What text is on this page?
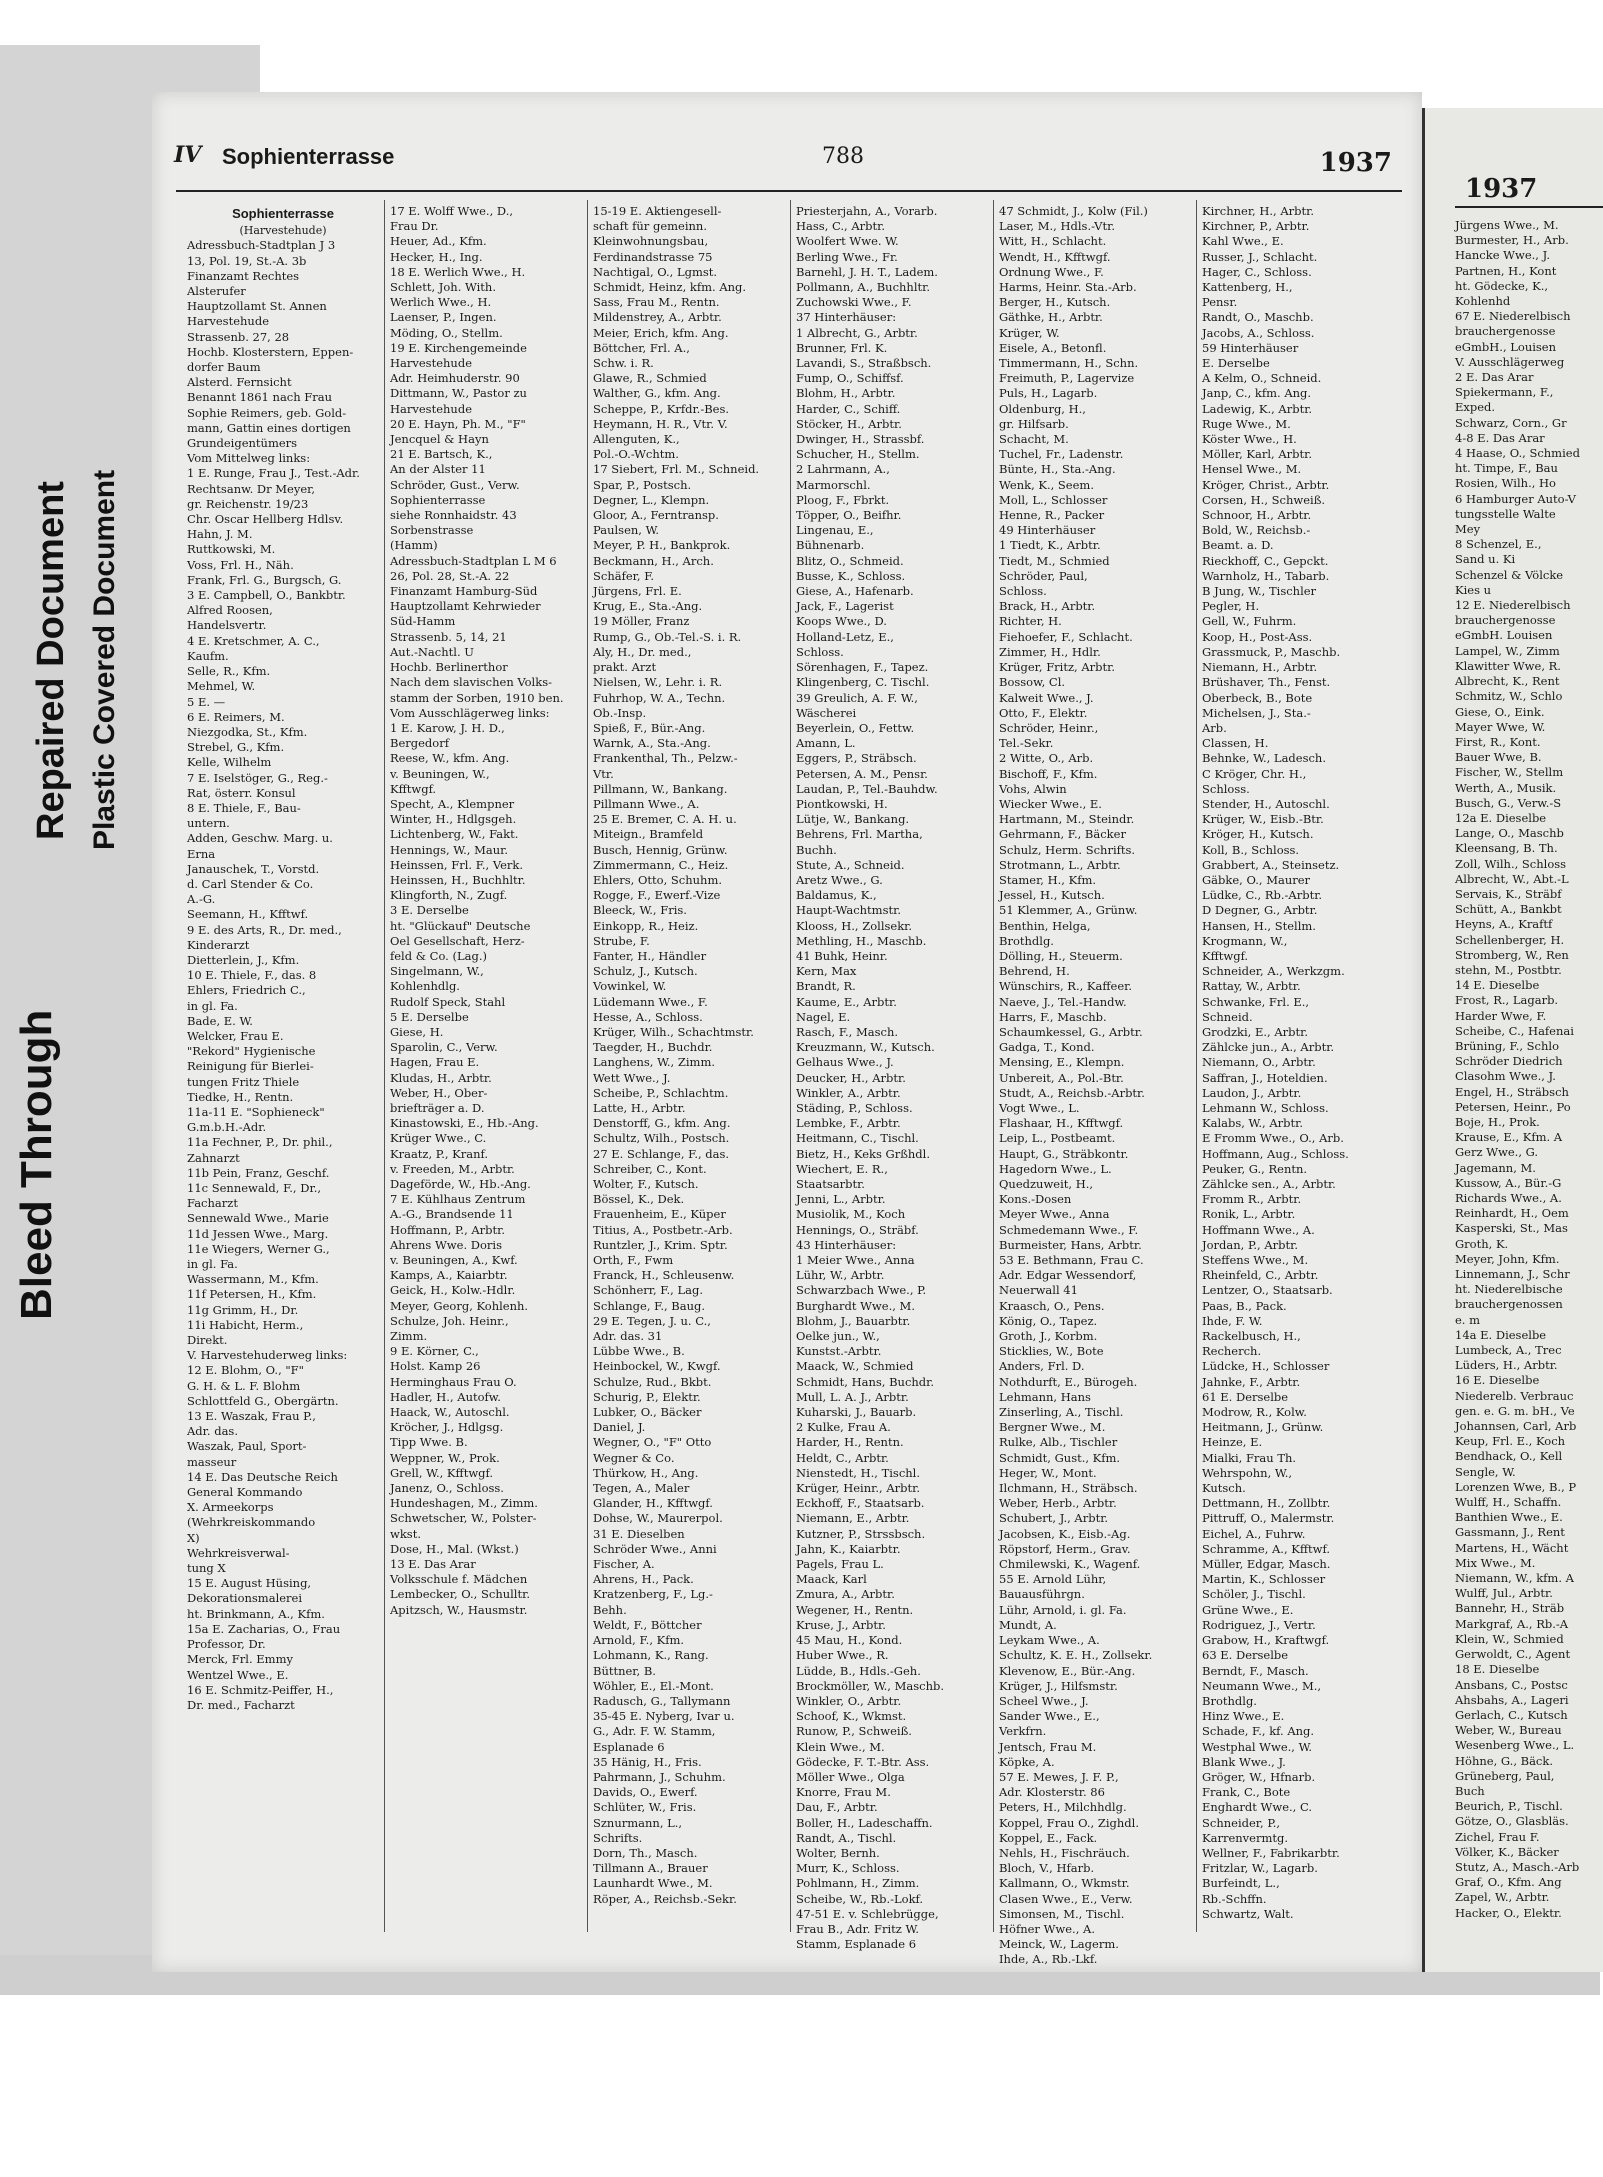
Bleed Through
Repaired Document Plastic Covered Document
IV Sophienterrasse	788	1937
Sophienterrasse
(Harvestehude)
Adressbuch-Stadtplan J 3
13, Pol. 19, St.-A. 3b
Finanzamt Rechtes
Alsterufer
Hauptzollamt St. Annen
Harvestehude
Strassenb. 27, 28
Hochb. Klosterstern, Eppen-
dorfer Baum
Alsterd. Fernsicht
Benannt 1861 nach Frau
Sophie Reimers, geb. Gold-
mann, Gattin eines dortigen
Grundeigentümers
Vom Mittelweg links:
1 E. Runge, Frau J., Test.-Adr.
Rechtsanw. Dr Meyer,
gr. Reichenstr. 19/23
Chr. Oscar Hellberg Hdlsv.
Hahn, J. M.
Ruttkowski, M.
Voss, Frl. H., Näh.
Frank, Frl. G., Burgsch, G.
3 E. Campbell, O., Bankbtr.
Alfred Roosen,
Handelsvertr.
4 E. Kretschmer, A. C.,
Kaufm.
Selle, R., Kfm.
Mehmel, W.
5 E. —
6 E. Reimers, M.
Niezgodka, St., Kfm.
Strebel, G., Kfm.
Kelle, Wilhelm
7 E. Iselstöger, G., Reg.-
Rat, österr. Konsul
8 E. Thiele, F., Bau-
untern.
Adden, Geschw. Marg. u.
Erna
Janauschek, T., Vorstd.
d. Carl Stender & Co.
A.-G.
Seemann, H., Kfftwf.
9 E. des Arts, R., Dr. med.,
Kinderarzt
Dietterlein, J., Kfm.
10 E. Thiele, F., das. 8
Ehlers, Friedrich C.,
in gl. Fa.
Bade, E. W.
Welcker, Frau E.
"Rekord" Hygienische
Reinigung für Bierlei-
tungen Fritz Thiele
Tiedke, H., Rentn.
11a-11 E. "Sophieneck"
G.m.b.H.-Adr.
11a Fechner, P., Dr. phil.,
Zahnarzt
11b Pein, Franz, Geschf.
11c Sennewald, F., Dr.,
Facharzt
Sennewald Wwe., Marie
11d Jessen Wwe., Marg.
11e Wiegers, Werner G.,
in gl. Fa.
Wassermann, M., Kfm.
11f Petersen, H., Kfm.
11g Grimm, H., Dr.
11i Habicht, Herm.,
Direkt.
V. Harvestehuderweg links:
12 E. Blohm, O., "F"
G. H. & L. F. Blohm
Schlottfeld G., Obergärtn.
13 E. Waszak, Frau P.,
Adr. das.
Waszak, Paul, Sport-
masseur
14 E. Das Deutsche Reich
General Kommando
X. Armeekorps
(Wehrkreiskommando
X)
Wehrkreisverwal-
tung X
15 E. August Hüsing,
Dekorationsmalerei
ht. Brinkmann, A., Kfm.
15a E. Zacharias, O., Frau
Professor, Dr.
Merck, Frl. Emmy
Wentzel Wwe., E.
16 E. Schmitz-Peiffer, H.,
Dr. med., Facharzt
17 E. Wolff Wwe., D.,
Frau Dr.
Heuer, Ad., Kfm.
Hecker, H., Ing.
18 E. Werlich Wwe., H.
Schlett, Joh. With.
Werlich Wwe., H.
Laenser, P., Ingen.
Möding, O., Stellm.
19 E. Kirchengemeinde
Harvestehude
Adr. Heimhuderstr. 90
Dittmann, W., Pastor zu
Harvestehude
20 E. Hayn, Ph. M., "F"
Jencquel & Hayn
21 E. Bartsch, K.,
An der Alster 11
Schröder, Gust., Verw.
Sophienterrasse
siehe Ronnhaidstr. 43
Sorbenstrasse
(Hamm)
Adressbuch-Stadtplan L M 6
26, Pol. 28, St.-A. 22
Finanzamt Hamburg-Süd
Hauptzollamt Kehrwieder
Süd-Hamm
Strassenb. 5, 14, 21
Aut.-Nachtl. U
Hochb. Berlinerthor
Nach dem slavischen Volks-
stamm der Sorben, 1910 ben.
Vom Ausschlägerweg links:
1 E. Karow, J. H. D.,
Bergedorf
Reese, W., kfm. Ang.
v. Beuningen, W.,
Kfftwgf.
Specht, A., Klempner
Winter, H., Hdlgsgeh.
Lichtenberg, W., Fakt.
Hennings, W., Maur.
Heinssen, Frl. F., Verk.
Heinssen, H., Buchhltr.
Klingforth, N., Zugf.
3 E. Derselbe
ht. "Glückauf" Deutsche
Oel Gesellschaft, Herz-
feld & Co. (Lag.)
Singelmann, W.,
Kohlenhdlg.
Rudolf Speck, Stahl
5 E. Derselbe
Giese, H.
Sparolin, C., Verw.
Hagen, Frau E.
Kludas, H., Arbtr.
Weber, H., Ober-
briefträger a. D.
Kinastowski, E., Hb.-Ang.
Krüger Wwe., C.
Kraatz, P., Kranf.
v. Freeden, M., Arbtr.
Dageförde, W., Hb.-Ang.
7 E. Kühlhaus Zentrum
A.-G., Brandsende 11
Hoffmann, P., Arbtr.
Ahrens Wwe. Doris
v. Beuningen, A., Kwf.
Kamps, A., Kaiarbtr.
Geick, H., Kolw.-Hdlr.
Meyer, Georg, Kohlenh.
Schulze, Joh. Heinr.,
Zimm.
9 E. Körner, C.,
Holst. Kamp 26
Herminghaus Frau O.
Hadler, H., Autofw.
Haack, W., Autoschl.
Kröcher, J., Hdlgsg.
Tipp Wwe. B.
Weppner, W., Prok.
Grell, W., Kfftwgf.
Janenz, O., Schloss.
Hundeshagen, M., Zimm.
Schwetscher, W., Polster-
wkst.
Dose, H., Mal. (Wkst.)
13 E. Das Arar
Volksschule f. Mädchen
Lembecker, O., Schulltr.
Apitzsch, W., Hausmstr.
15-19 E. Aktiengesell-
schaft für gemeinn.
Kleinwohnungsbau,
Ferdinandstrasse 75
Nachtigal, O., Lgmst.
Schmidt, Heinz, kfm. Ang.
Sass, Frau M., Rentn.
Mildenstrey, A., Arbtr.
Meier, Erich, kfm. Ang.
Böttcher, Frl. A.,
Schw. i. R.
Glawe, R., Schmied
Walther, G., kfm. Ang.
Scheppe, P., Krfdr.-Bes.
Heymann, H. R., Vtr. V.
Allenguten, K.,
Pol.-O.-Wchtm.
17 Siebert, Frl. M., Schneid.
Spar, P., Postsch.
Degner, L., Klempn.
Gloor, A., Ferntransp.
Paulsen, W.
Meyer, P. H., Bankprok.
Beckmann, H., Arch.
Schäfer, F.
Jürgens, Frl. E.
Krug, E., Sta.-Ang.
19 Möller, Franz
Rump, G., Ob.-Tel.-S. i. R.
Aly, H., Dr. med.,
prakt. Arzt
Nielsen, W., Lehr. i. R.
Fuhrhop, W. A., Techn.
Ob.-Insp.
Spieß, F., Bür.-Ang.
Warnk, A., Sta.-Ang.
Frankenthal, Th., Pelzw.-
Vtr.
Pillmann, W., Bankang.
Pillmann Wwe., A.
25 E. Bremer, C. A. H. u.
Miteign., Bramfeld
Busch, Hennig, Grünw.
Zimmermann, C., Heiz.
Ehlers, Otto, Schuhm.
Rogge, F., Ewerf.-Vize
Bleeck, W., Fris.
Einkopp, R., Heiz.
Strube, F.
Fanter, H., Händler
Schulz, J., Kutsch.
Vowinkel, W.
Lüdemann Wwe., F.
Hesse, A., Schloss.
Krüger, Wilh., Schachtmstr.
Taegder, H., Buchdr.
Langhens, W., Zimm.
Wett Wwe., J.
Scheibe, P., Schlachtm.
Latte, H., Arbtr.
Denstorff, G., kfm. Ang.
Schultz, Wilh., Postsch.
27 E. Schlange, F., das.
Schreiber, C., Kont.
Wolter, F., Kutsch.
Bössel, K., Dek.
Frauenheim, E., Küper
Titius, A., Postbetr.-Arb.
Runtzler, J., Krim. Sptr.
Orth, F., Fwm
Franck, H., Schleusenw.
Schönherr, F., Lag.
Schlange, F., Baug.
29 E. Tegen, J. u. C.,
Adr. das. 31
Lübbe Wwe., B.
Heinbockel, W., Kwgf.
Schulze, Rud., Bkbt.
Schurig, P., Elektr.
Lubker, O., Bäcker
Daniel, J.
Wegner, O., "F" Otto
Wegner & Co.
Thürkow, H., Ang.
Tegen, A., Maler
Glander, H., Kfftwgf.
Dohse, W., Maurerpol.
31 E. Dieselben
Schröder Wwe., Anni
Fischer, A.
Ahrens, H., Pack.
Kratzenberg, F., Lg.-
Behh.
Weldt, F., Böttcher
Arnold, F., Kfm.
Lohmann, K., Rang.
Büttner, B.
Wöhler, E., El.-Mont.
Radusch, G., Tallymann
35-45 E. Nyberg, Ivar u.
G., Adr. F. W. Stamm,
Esplanade 6
35 Hänig, H., Fris.
Pahrmann, J., Schuhm.
Davids, O., Ewerf.
Schlüter, W., Fris.
Sznurmann, L.,
Schrifts.
Dorn, Th., Masch.
Tillmann A., Brauer
Launhardt Wwe., M.
Röper, A., Reichsb.-Sekr.
Priesterjahn, A., Vorarb.
Hass, C., Arbtr.
Woolfert Wwe. W.
Berling Wwe., Fr.
Barnehl, J. H. T., Ladem.
Pollmann, A., Buchhltr.
Zuchowski Wwe., F.
37 Hinterhäuser:
1 Albrecht, G., Arbtr.
Brunner, Frl. K.
Lavandi, S., Straßbsch.
Fump, O., Schiffsf.
Blohm, H., Arbtr.
Harder, C., Schiff.
Stöcker, H., Arbtr.
Dwinger, H., Strassbf.
Schucher, H., Stellm.
2 Lahrmann, A.,
Marmorschl.
Ploog, F., Fbrkt.
Töpper, O., Beifhr.
Lingenau, E.,
Bühnenarb.
Blitz, O., Schmeid.
Busse, K., Schloss.
Giese, A., Hafenarb.
Jack, F., Lagerist
Koops Wwe., D.
Holland-Letz, E.,
Schloss.
Sörenhagen, F., Tapez.
Klingenberg, C. Tischl.
39 Greulich, A. F. W.,
Wäscherei
Beyerlein, O., Fettw.
Amann, L.
Eggers, P., Sträbsch.
Petersen, A. M., Pensr.
Laudan, P., Tel.-Bauhdw.
Piontkowski, H.
Lütje, W., Bankang.
Behrens, Frl. Martha,
Buchh.
Stute, A., Schneid.
Aretz Wwe., G.
Baldamus, K.,
Haupt-Wachtmstr.
Klooss, H., Zollsekr.
Methling, H., Maschb.
41 Buhk, Heinr.
Kern, Max
Brandt, R.
Kaume, E., Arbtr.
Nagel, E.
Rasch, F., Masch.
Kreuzmann, W., Kutsch.
Gelhaus Wwe., J.
Deucker, H., Arbtr.
Winkler, A., Arbtr.
Städing, P., Schloss.
Lembke, F., Arbtr.
Heitmann, C., Tischl.
Bietz, H., Keks Grßhdl.
Wiechert, E. R.,
Staatsarbtr.
Jenni, L., Arbtr.
Musiolik, M., Koch
Hennings, O., Sträbf.
43 Hinterhäuser:
1 Meier Wwe., Anna
Lühr, W., Arbtr.
Schwarzbach Wwe., P.
Burghardt Wwe., M.
Blohm, J., Bauarbtr.
Oelke jun., W.,
Kunstst.-Arbtr.
Maack, W., Schmied
Schmidt, Hans, Buchdr.
Mull, L. A. J., Arbtr.
Kuharski, J., Bauarb.
2 Kulke, Frau A.
Harder, H., Rentn.
Heldt, C., Arbtr.
Nienstedt, H., Tischl.
Krüger, Heinr., Arbtr.
Eckhoff, F., Staatsarb.
Niemann, E., Arbtr.
Kutzner, P., Strssbsch.
Jahn, K., Kaiarbtr.
Pagels, Frau L.
Maack, Karl
Zmura, A., Arbtr.
Wegener, H., Rentn.
Kruse, J., Arbtr.
45 Mau, H., Kond.
Huber Wwe., R.
Lüdde, B., Hdls.-Geh.
Brockmöller, W., Maschb.
Winkler, O., Arbtr.
Schoof, K., Wkmst.
Runow, P., Schweiß.
Klein Wwe., M.
Gödecke, F. T.-Btr. Ass.
Möller Wwe., Olga
Knorre, Frau M.
Dau, F., Arbtr.
Boller, H., Ladeschaffn.
Randt, A., Tischl.
Wolter, Bernh.
Murr, K., Schloss.
Pohlmann, H., Zimm.
Scheibe, W., Rb.-Lokf.
47-51 E. v. Schlebrügge,
Frau B., Adr. Fritz W.
Stamm, Esplanade 6
47 Schmidt, J., Kolw (Fil.)
Laser, M., Hdls.-Vtr.
Witt, H., Schlacht.
Wendt, H., Kfftwgf.
Ordnung Wwe., F.
Harms, Heinr. Sta.-Arb.
Berger, H., Kutsch.
Gäthke, H., Arbtr.
Krüger, W.
Eisele, A., Betonfl.
Timmermann, H., Schn.
Freimuth, P., Lagervize
Puls, H., Lagarb.
Oldenburg, H.,
gr. Hilfsarb.
Schacht, M.
Tuchel, Fr., Ladenstr.
Bünte, H., Sta.-Ang.
Wenk, K., Seem.
Moll, L., Schlosser
Henne, R., Packer
49 Hinterhäuser
1 Tiedt, K., Arbtr.
Tiedt, M., Schmied
Schröder, Paul,
Schloss.
Brack, H., Arbtr.
Richter, H.
Fiehoefer, F., Schlacht.
Zimmer, H., Hdlr.
Krüger, Fritz, Arbtr.
Bossow, Cl.
Kalweit Wwe., J.
Otto, F., Elektr.
Schröder, Heinr.,
Tel.-Sekr.
2 Witte, O., Arb.
Bischoff, F., Kfm.
Vohs, Alwin
Wiecker Wwe., E.
Hartmann, M., Steindr.
Gehrmann, F., Bäcker
Schulz, Herm. Schrifts.
Strotmann, L., Arbtr.
Stamer, H., Kfm.
Jessel, H., Kutsch.
51 Klemmer, A., Grünw.
Benthin, Helga,
Brothdlg.
Dölling, H., Steuerm.
Behrend, H.
Wünschirs, R., Kaffeer.
Naeve, J., Tel.-Handw.
Harrs, F., Maschb.
Schaumkessel, G., Arbtr.
Gadga, T., Kond.
Mensing, E., Klempn.
Unbereit, A., Pol.-Btr.
Studt, A., Reichsb.-Arbtr.
Vogt Wwe., L.
Flashaar, H., Kfftwgf.
Leip, L., Postbeamt.
Haupt, G., Sträbkontr.
Hagedorn Wwe., L.
Quedzuweit, H.,
Kons.-Dosen
Meyer Wwe., Anna
Schmedemann Wwe., F.
Burmeister, Hans, Arbtr.
53 E. Bethmann, Frau C.
Adr. Edgar Wessendorf,
Neuerwall 41
Kraasch, O., Pens.
König, O., Tapez.
Groth, J., Korbm.
Sticklies, W., Bote
Anders, Frl. D.
Nothdurft, E., Bürogeh.
Lehmann, Hans
Zinserling, A., Tischl.
Bergner Wwe., M.
Rulke, Alb., Tischler
Schmidt, Gust., Kfm.
Heger, W., Mont.
Ilchmann, H., Sträbsch.
Weber, Herb., Arbtr.
Schubert, J., Arbtr.
Jacobsen, K., Eisb.-Ag.
Röpstorf, Herm., Grav.
Chmilewski, K., Wagenf.
55 E. Arnold Lühr,
Bauausführgn.
Lühr, Arnold, i. gl. Fa.
Mundt, A.
Leykam Wwe., A.
Schultz, K. E. H., Zollsekr.
Klevenow, E., Bür.-Ang.
Krüger, J., Hilfsmstr.
Scheel Wwe., J.
Sander Wwe., E.,
Verkfrn.
Jentsch, Frau M.
Köpke, A.
57 E. Mewes, J. F. P.,
Adr. Klosterstr. 86
Peters, H., Milchhdlg.
Koppel, Frau O., Zighdl.
Koppel, E., Fack.
Nehls, H., Fischräuch.
Bloch, V., Hfarb.
Kallmann, O., Wkmstr.
Clasen Wwe., E., Verw.
Simonsen, M., Tischl.
Höfner Wwe., A.
Meinck, W., Lagerm.
Ihde, A., Rb.-Lkf.
Kirchner, H., Arbtr.
Kirchner, P., Arbtr.
Kahl Wwe., E.
Russer, J., Schlacht.
Hager, C., Schloss.
Kattenberg, H.,
Pensr.
Randt, O., Maschb.
Jacobs, A., Schloss.
59 Hinterhäuser
E. Derselbe
A Kelm, O., Schneid.
Janp, C., kfm. Ang.
Ladewig, K., Arbtr.
Ruge Wwe., M.
Köster Wwe., H.
Möller, Karl, Arbtr.
Hensel Wwe., M.
Kröger, Christ., Arbtr.
Corsen, H., Schweiß.
Schnoor, H., Arbtr.
Bold, W., Reichsb.-
Beamt. a. D.
Rieckhoff, C., Gepckt.
Warnholz, H., Tabarb.
B Jung, W., Tischler
Pegler, H.
Gell, W., Fuhrm.
Koop, H., Post-Ass.
Grassmuck, P., Maschb.
Niemann, H., Arbtr.
Brüshaver, Th., Fenst.
Oberbeck, B., Bote
Michelsen, J., Sta.-
Arb.
Classen, H.
Behnke, W., Ladesch.
C Kröger, Chr. H.,
Schloss.
Stender, H., Autoschl.
Krüger, W., Eisb.-Btr.
Kröger, H., Kutsch.
Koll, B., Schloss.
Grabbert, A., Steinsetz.
Gäbke, O., Maurer
Lüdke, C., Rb.-Arbtr.
D Degner, G., Arbtr.
Hansen, H., Stellm.
Krogmann, W.,
Kfftwgf.
Schneider, A., Werkzgm.
Rattay, W., Arbtr.
Schwanke, Frl. E.,
Schneid.
Grodzki, E., Arbtr.
Zählcke jun., A., Arbtr.
Niemann, O., Arbtr.
Saffran, J., Hoteldien.
Laudon, J., Arbtr.
Lehmann W., Schloss.
Kalabs, W., Arbtr.
E Fromm Wwe., O., Arb.
Hoffmann, Aug., Schloss.
Peuker, G., Rentn.
Zählcke sen., A., Arbtr.
Fromm R., Arbtr.
Ronik, L., Arbtr.
Hoffmann Wwe., A.
Jordan, P., Arbtr.
Steffens Wwe., M.
Rheinfeld, C., Arbtr.
Lentzer, O., Staatsarb.
Paas, B., Pack.
Ihde, F. W.
Rackelbusch, H.,
Recherch.
Lüdcke, H., Schlosser
Jahnke, F., Arbtr.
61 E. Derselbe
Modrow, R., Kolw.
Heitmann, J., Grünw.
Heinze, E.
Mialki, Frau Th.
Wehrspohn, W.,
Kutsch.
Dettmann, H., Zollbtr.
Pittruff, O., Malermstr.
Eichel, A., Fuhrw.
Schramme, A., Kfftwf.
Müller, Edgar, Masch.
Martin, K., Schlosser
Schöler, J., Tischl.
Grüne Wwe., E.
Rodriguez, J., Vertr.
Grabow, H., Kraftwgf.
63 E. Derselbe
Berndt, F., Masch.
Neumann Wwe., M.,
Brothdlg.
Hinz Wwe., E.
Schade, F., kf. Ang.
Westphal Wwe., W.
Blank Wwe., J.
Gröger, W., Hfnarb.
Frank, C., Bote
Enghardt Wwe., C.
Schneider, P.,
Karrenvermtg.
Wellner, F., Fabrikarbtr.
Fritzlar, W., Lagarb.
Burfeindt, L.,
Rb.-Schffn.
Schwartz, Walt.
1937
Jürgens Wwe., M.
Burmester, H., Arb.
Hancke Wwe., J.
Partnen, H., Kont
ht. Gödecke, K.,
Kohlenhd
67 E. Niederelbisch
brauchergenosse
eGmbH., Louisen
V. Ausschlägerweg
2 E. Das Arar
Spiekermann, F.,
Exped.
Schwarz, Corn., Gr
4-8 E. Das Arar
4 Haase, O., Schmied
ht. Timpe, F., Bau
Rosien, Wilh., Ho
6 Hamburger Auto-V
tungsstelle Walte
Mey
8 Schenzel, E.,
Sand u. Ki
Schenzel & Völcke
Kies u
12 E. Niederelbisch
brauchergenosse
eGmbH. Louisen
Lampel, W., Zimm
Klawitter Wwe, R.
Albrecht, K., Rent
Schmitz, W., Schlo
Giese, O., Eink.
Mayer Wwe, W.
First, R., Kont.
Bauer Wwe, B.
Fischer, W., Stellm
Werth, A., Musik.
Busch, G., Verw.-S
12a E. Dieselbe
Lange, O., Maschb
Kleensang, B. Th.
Zoll, Wilh., Schloss
Albrecht, W., Abt.-L
Servais, K., Sträbf
Schütt, A., Bankbt
Heyns, A., Kraftf
Schellenberger, H.
Stromberg, W., Ren
stehn, M., Postbtr.
14 E. Dieselbe
Frost, R., Lagarb.
Harder Wwe, F.
Scheibe, C., Hafenai
Brüning, F., Schlo
Schröder Diedrich
Clasohm Wwe., J.
Engel, H., Sträbsch
Petersen, Heinr., Po
Boje, H., Prok.
Krause, E., Kfm. A
Gerz Wwe., G.
Jagemann, M.
Kussow, A., Bür.-G
Richards Wwe., A.
Reinhardt, H., Oem
Kasperski, St., Mas
Groth, K.
Meyer, John, Kfm.
Linnemann, J., Schr
ht. Niederelbische
brauchergenossen
e. m
14a E. Dieselbe
Lumbeck, A., Trec
Lüders, H., Arbtr.
16 E. Dieselbe
Niederelb. Verbrauc
gen. e. G. m. bH., Ve
Johannsen, Carl, Arb
Keup, Frl. E., Koch
Bendhack, O., Kell
Sengle, W.
Lorenzen Wwe, B., P
Wulff, H., Schaffn.
Banthien Wwe., E.
Gassmann, J., Rent
Martens, H., Wächt
Mix Wwe., M.
Niemann, W., kfm. A
Wulff, Jul., Arbtr.
Bannehr, H., Sträb
Markgraf, A., Rb.-A
Klein, W., Schmied
Gerwoldt, C., Agent
18 E. Dieselbe
Ansbans, C., Postsc
Ahsbahs, A., Lageri
Gerlach, C., Kutsch
Weber, W., Bureau
Wesenberg Wwe., L.
Höhne, G., Bäck.
Grüneberg, Paul,
Buch
Beurich, P., Tischl.
Götze, O., Glasbläs.
Zichel, Frau F.
Völker, K., Bäcker
Stutz, A., Masch.-Arb
Graf, O., Kfm. Ang
Zapel, W., Arbtr.
Hacker, O., Elektr.
